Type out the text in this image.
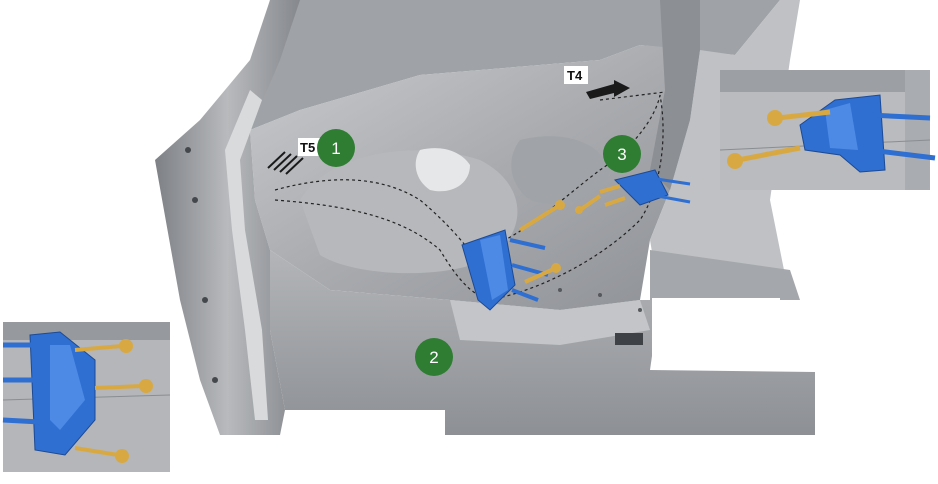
T4
T5 1
2
3
